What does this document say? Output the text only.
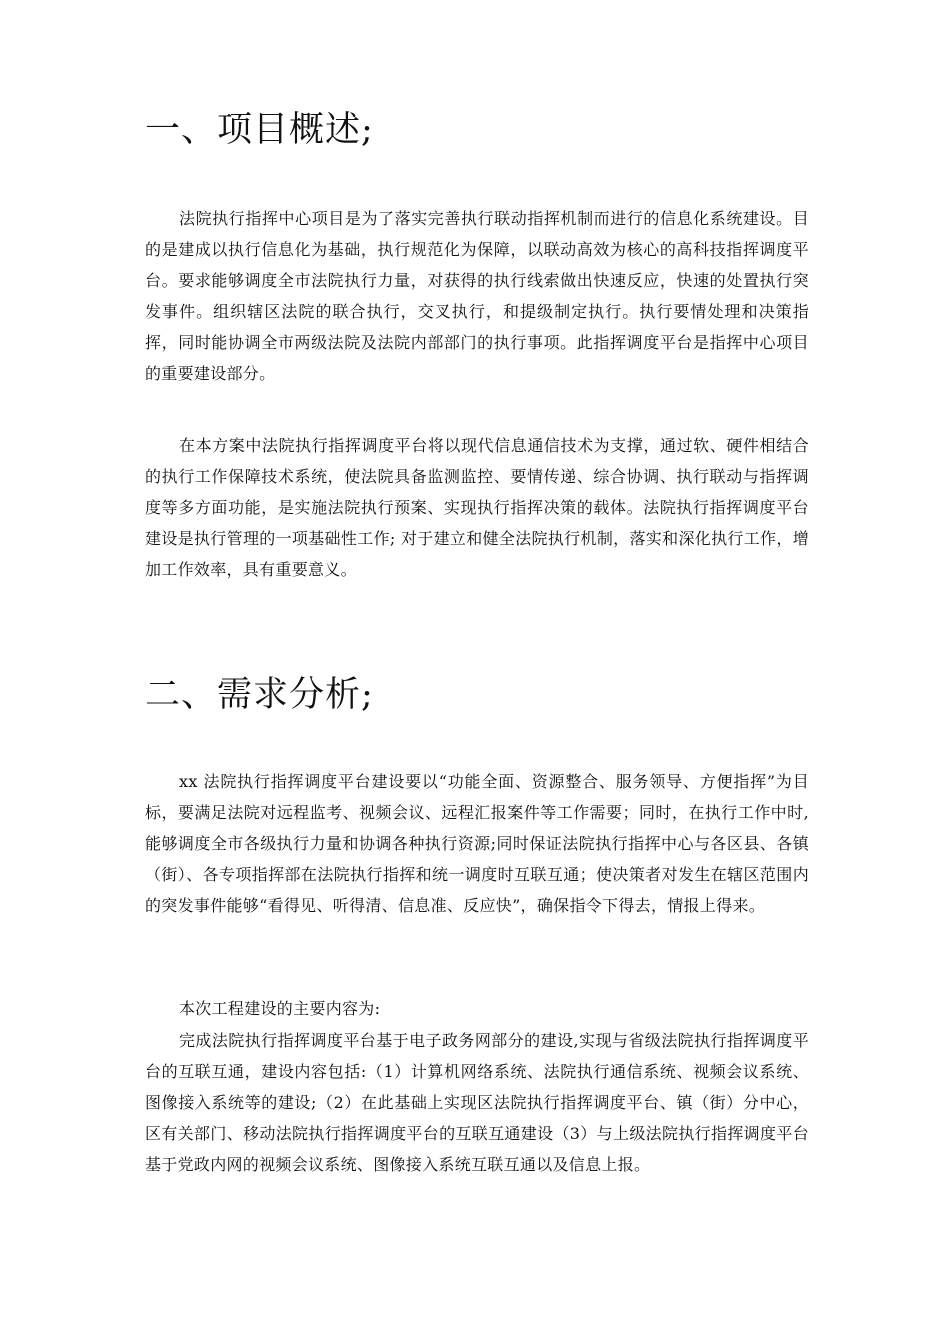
一、项目概述;

法院执行指挥中心项目是为了落实完善执行联动指挥机制而进行的信息化系统建设。目的是建成以执行信息化为基础，执行规范化为保障，以联动高效为核心的高科技指挥调度平台。要求能够调度全市法院执行力量，对获得的执行线索做出快速反应，快速的处置执行突发事件。组织辖区法院的联合执行，交叉执行，和提级制定执行。执行要情处理和决策指挥，同时能协调全市两级法院及法院内部部门的执行事项。此指挥调度平台是指挥中心项目的重要建设部分。

在本方案中法院执行指挥调度平台将以现代信息通信技术为支撑，通过软、硬件相结合的执行工作保障技术系统，使法院具备监测监控、要情传递、综合协调、执行联动与指挥调度等多方面功能，是实施法院执行预案、实现执行指挥决策的载体。法院执行指挥调度平台建设是执行管理的一项基础性工作; 对于建立和健全法院执行机制，落实和深化执行工作，增加工作效率，具有重要意义。

二、需求分析;

xx 法院执行指挥调度平台建设要以“功能全面、资源整合、服务领导、方便指挥”为目标，要满足法院对远程监考、视频会议、远程汇报案件等工作需要；同时，在执行工作中时,能够调度全市各级执行力量和协调各种执行资源;同时保证法院执行指挥中心与各区县、各镇（街）、各专项指挥部在法院执行指挥和统一调度时互联互通；使决策者对发生在辖区范围内的突发事件能够“看得见、听得清、信息准、反应快”，确保指令下得去，情报上得来。

本次工程建设的主要内容为:

完成法院执行指挥调度平台基于电子政务网部分的建设,实现与省级法院执行指挥调度平台的互联互通，建设内容包括:（1）计算机网络系统、法院执行通信系统、视频会议系统、图像接入系统等的建设;（2）在此基础上实现区法院执行指挥调度平台、镇（街）分中心，区有关部门、移动法院执行指挥调度平台的互联互通建设（3）与上级法院执行指挥调度平台基于党政内网的视频会议系统、图像接入系统互联互通以及信息上报。
